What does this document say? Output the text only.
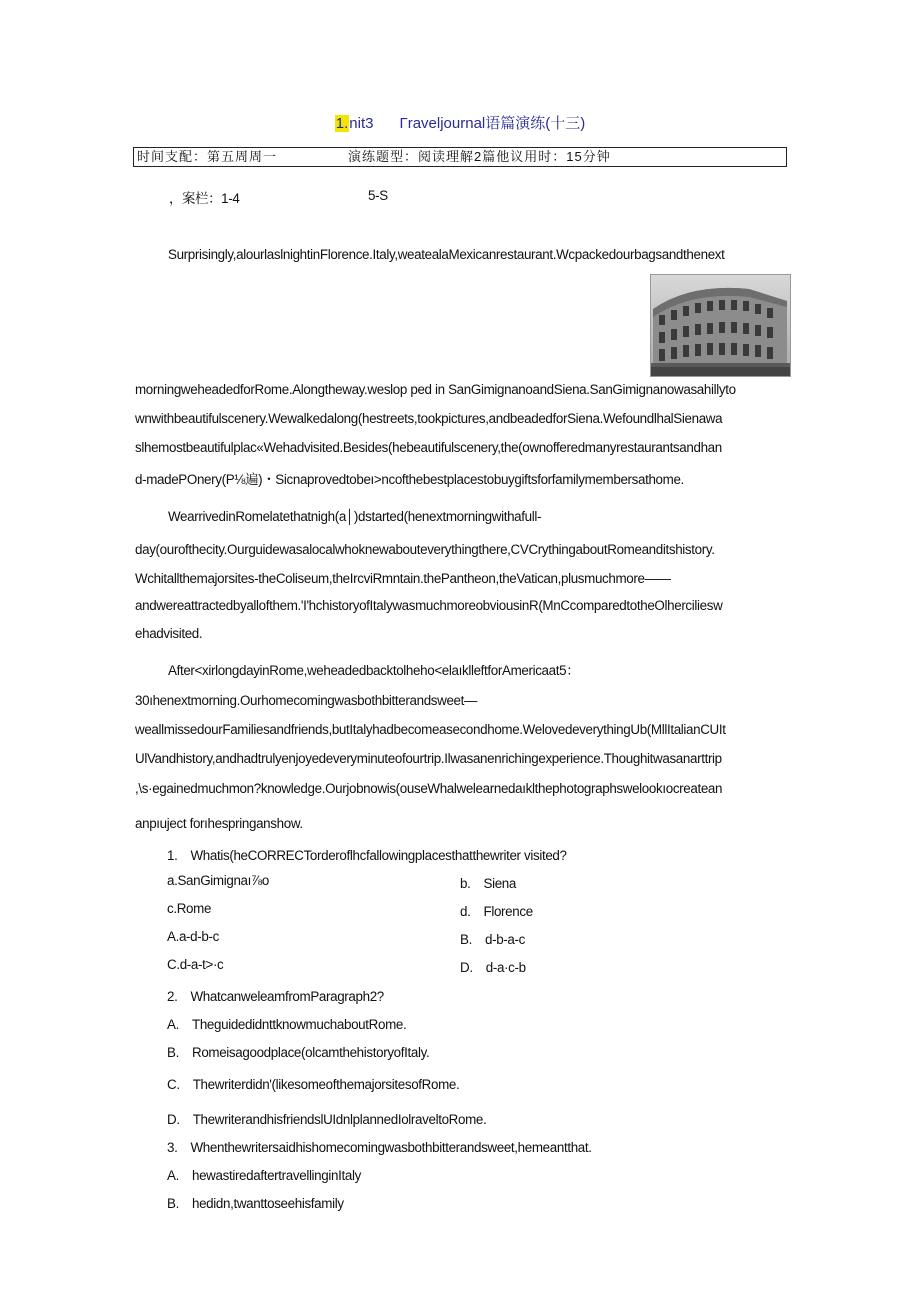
1.nit3 Γraveljournal语篇演练(十三)
时间支配：第五周周一	演练题型：阅读理解2篇他议用时：15分钟
，案栏：1-4	5-S
Surprisingly,alourlaslnightinFlorence.Italy,weatealaMexicanrestaurant.Wcpackedourbagsandthenext
morningweheadedforRome.Alongtheway.weslop ped in SanGimignanoandSiena.SanGimignanowasahillyto
wnwithbeautifulscenery.Wewalkedalong(hestreets,tookpictures,andbeadedforSiena.WefoundlhalSienawa
slhemostbeautifulplac«Wehadvisited.Besides(hebeautifulscenery,the(ownofferedmanyrestaurantsandhan
d-madePOnery(P⅛遍)・Sicnaprovedtobeı>ncofthebestplacestobuygiftsforfamilymembersathome.
WearrivedinRomelatethatnigh(a│)dstarted(henextmorningwithafull-
day(ourofthecity.Ourguidewasalocalwhoknewabouteverythingthere,CVCrythingaboutRomeanditshistory.
Wchitallthemajorsites-theColiseum,theIrcviRmntain.thePantheon,theVatican,plusmuchmore——
andwereattractedbyallofthem.'I'hchistoryofItalywasmuchmoreobviousinR(MnCcomparedtotheOlherciliesw
ehadvisited.
After<xirlongdayinRome,weheadedbacktolheho<elaıklleftforAmericaat5：
30ıhenextmorning.Ourhomecomingwasbothbitterandsweet—
weallmissedourFamiliesandfriends,butItalyhadbecomeasecondhome.WelovedeverythingUb(MllItalianCUIt
UlVandhistory,andhadtrulyenjoyedeveryminuteofourtrip.Ilwasanenrichingexperience.Thoughitwasanarttrip
,\s·egainedmuchmon?knowledge.Ourjobnowis(ouseWhalwelearnedaıklthephotographswelookıocreatean
anpıuject forıhespringanshow.
1.　Whatis(heCORRECTorderoflhcfallowingplacesthatthewriter visited?
a.SanGimignaı⅞o	b.　Siena
c.Rome	d.　Florence
A.a-d-b-c	B.　d-b-a-c
C.d-a-t>·c	D.　d-a·c-b
2.　WhatcanweleamfromParagraph2?
A.　TheguidedidnttknowmuchaboutRome.
B.　Romeisagoodplace(olcamthehistoryofItaly.
C.　Thewriterdidn'(likesomeofthemajorsitesofRome.
D.　ThewriterandhisfriendslUIdnlplannedIolraveltoRome.
3.　Whenthewritersaidhishomecomingwasbothbitterandsweet,hemeantthat.
A.　hewastiredaftertravellinginItaly
B.　hedidn,twanttoseehisfamily
